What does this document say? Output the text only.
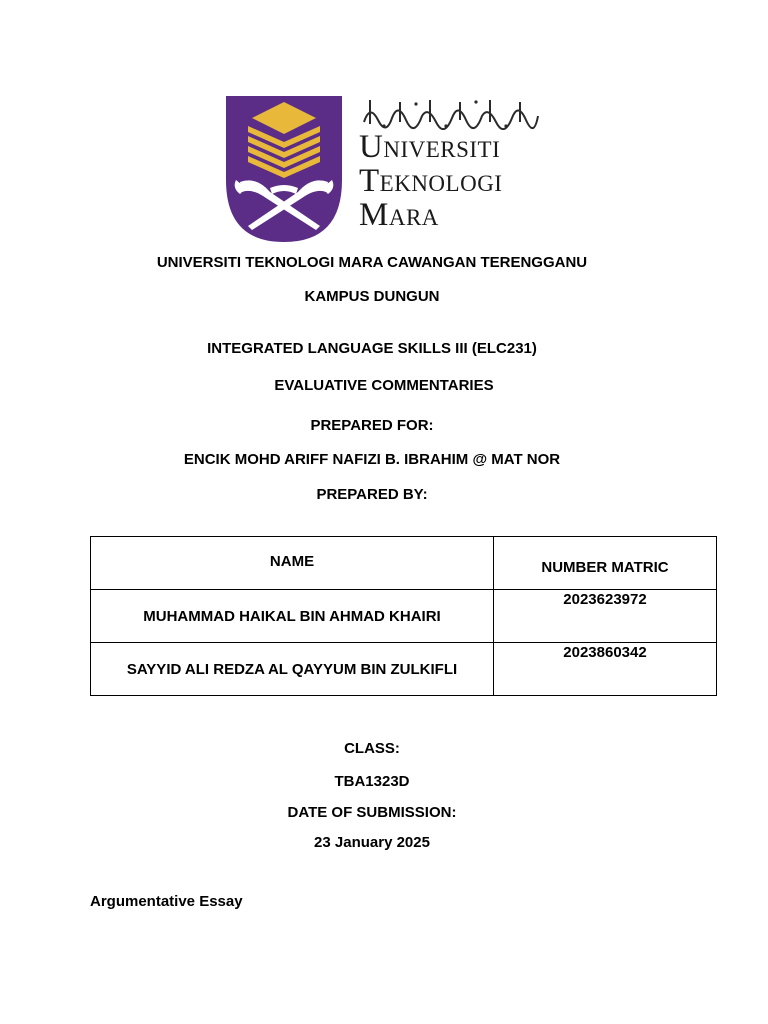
Universiti
Teknologi
Mara
UNIVERSITI TEKNOLOGI MARA CAWANGAN TERENGGANU
KAMPUS DUNGUN
INTEGRATED LANGUAGE SKILLS III (ELC231)
EVALUATIVE COMMENTARIES
PREPARED FOR:
ENCIK MOHD ARIFF NAFIZI B. IBRAHIM @ MAT NOR
PREPARED BY:
NAME	NUMBER MATRIC
MUHAMMAD HAIKAL BIN AHMAD KHAIRI	2023623972
SAYYID ALI REDZA AL QAYYUM BIN ZULKIFLI	2023860342
CLASS:
TBA1323D
DATE OF SUBMISSION:
23 January 2025
Argumentative Essay
